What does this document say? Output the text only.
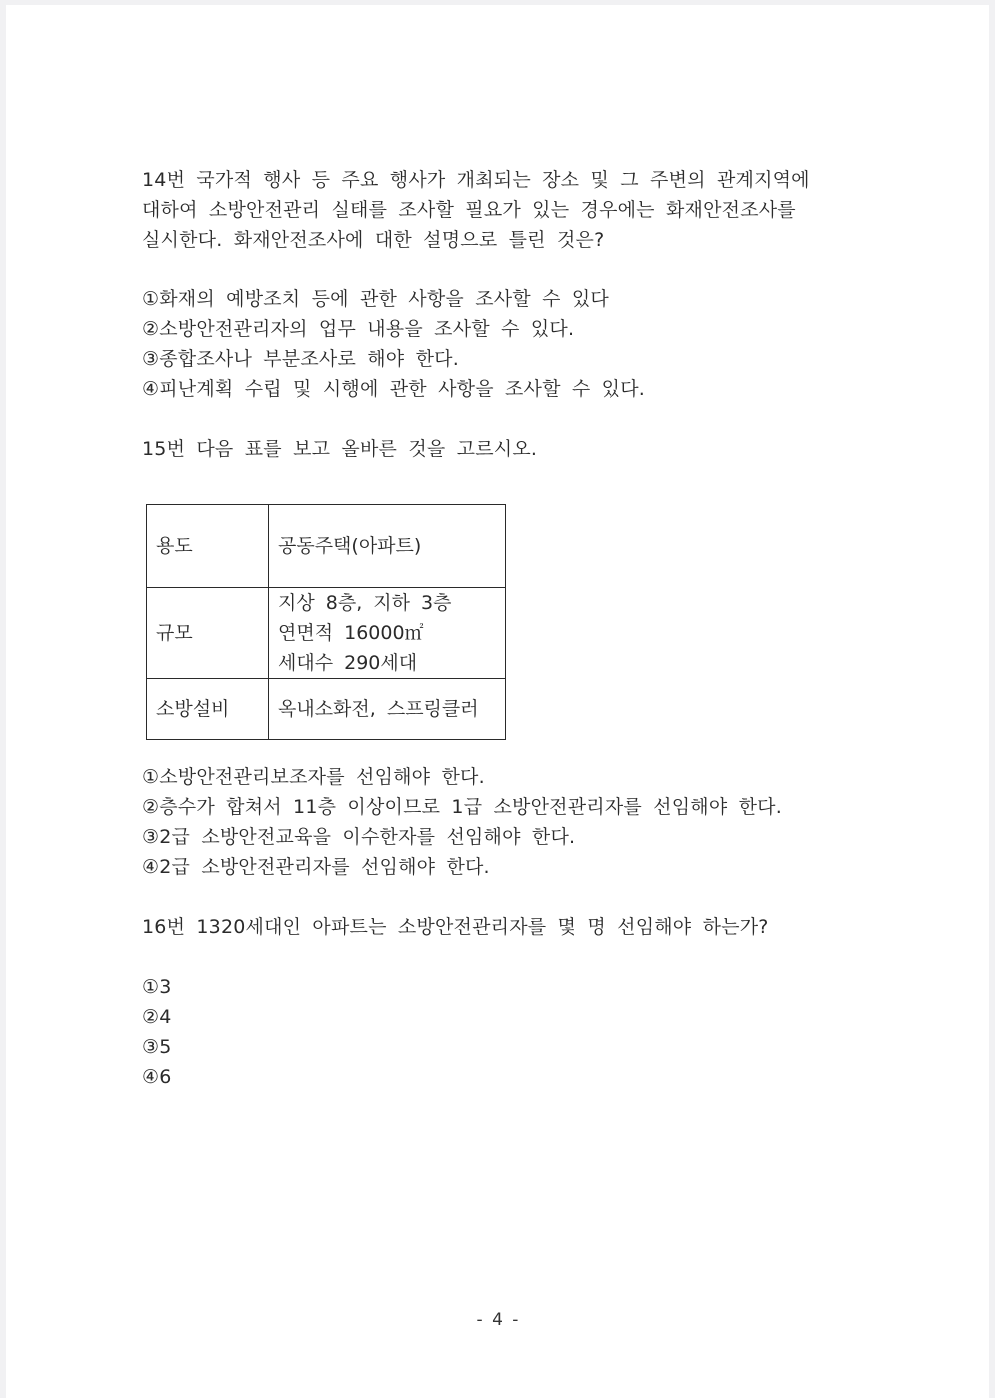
14번 국가적 행사 등 주요 행사가 개최되는 장소 및 그 주변의 관계지역에
대하여 소방안전관리 실태를 조사할 필요가 있는 경우에는 화재안전조사를
실시한다. 화재안전조사에 대한 설명으로 틀린 것은?
①화재의 예방조치 등에 관한 사항을 조사할 수 있다
②소방안전관리자의 업무 내용을 조사할 수 있다.
③종합조사나 부분조사로 해야 한다.
④피난계획 수립 및 시행에 관한 사항을 조사할 수 있다.
15번 다음 표를 보고 올바른 것을 고르시오.
용도	공동주택(아파트)

규모	지상 8층, 지하 3층
연면적 16000㎡
세대수 290세대

소방설비	옥내소화전, 스프링클러
①소방안전관리보조자를 선임해야 한다.
②층수가 합쳐서 11층 이상이므로 1급 소방안전관리자를 선임해야 한다.
③2급 소방안전교육을 이수한자를 선임해야 한다.
④2급 소방안전관리자를 선임해야 한다.
16번 1320세대인 아파트는 소방안전관리자를 몇 명 선임해야 하는가?
①3
②4
③5
④6
- 4 -
